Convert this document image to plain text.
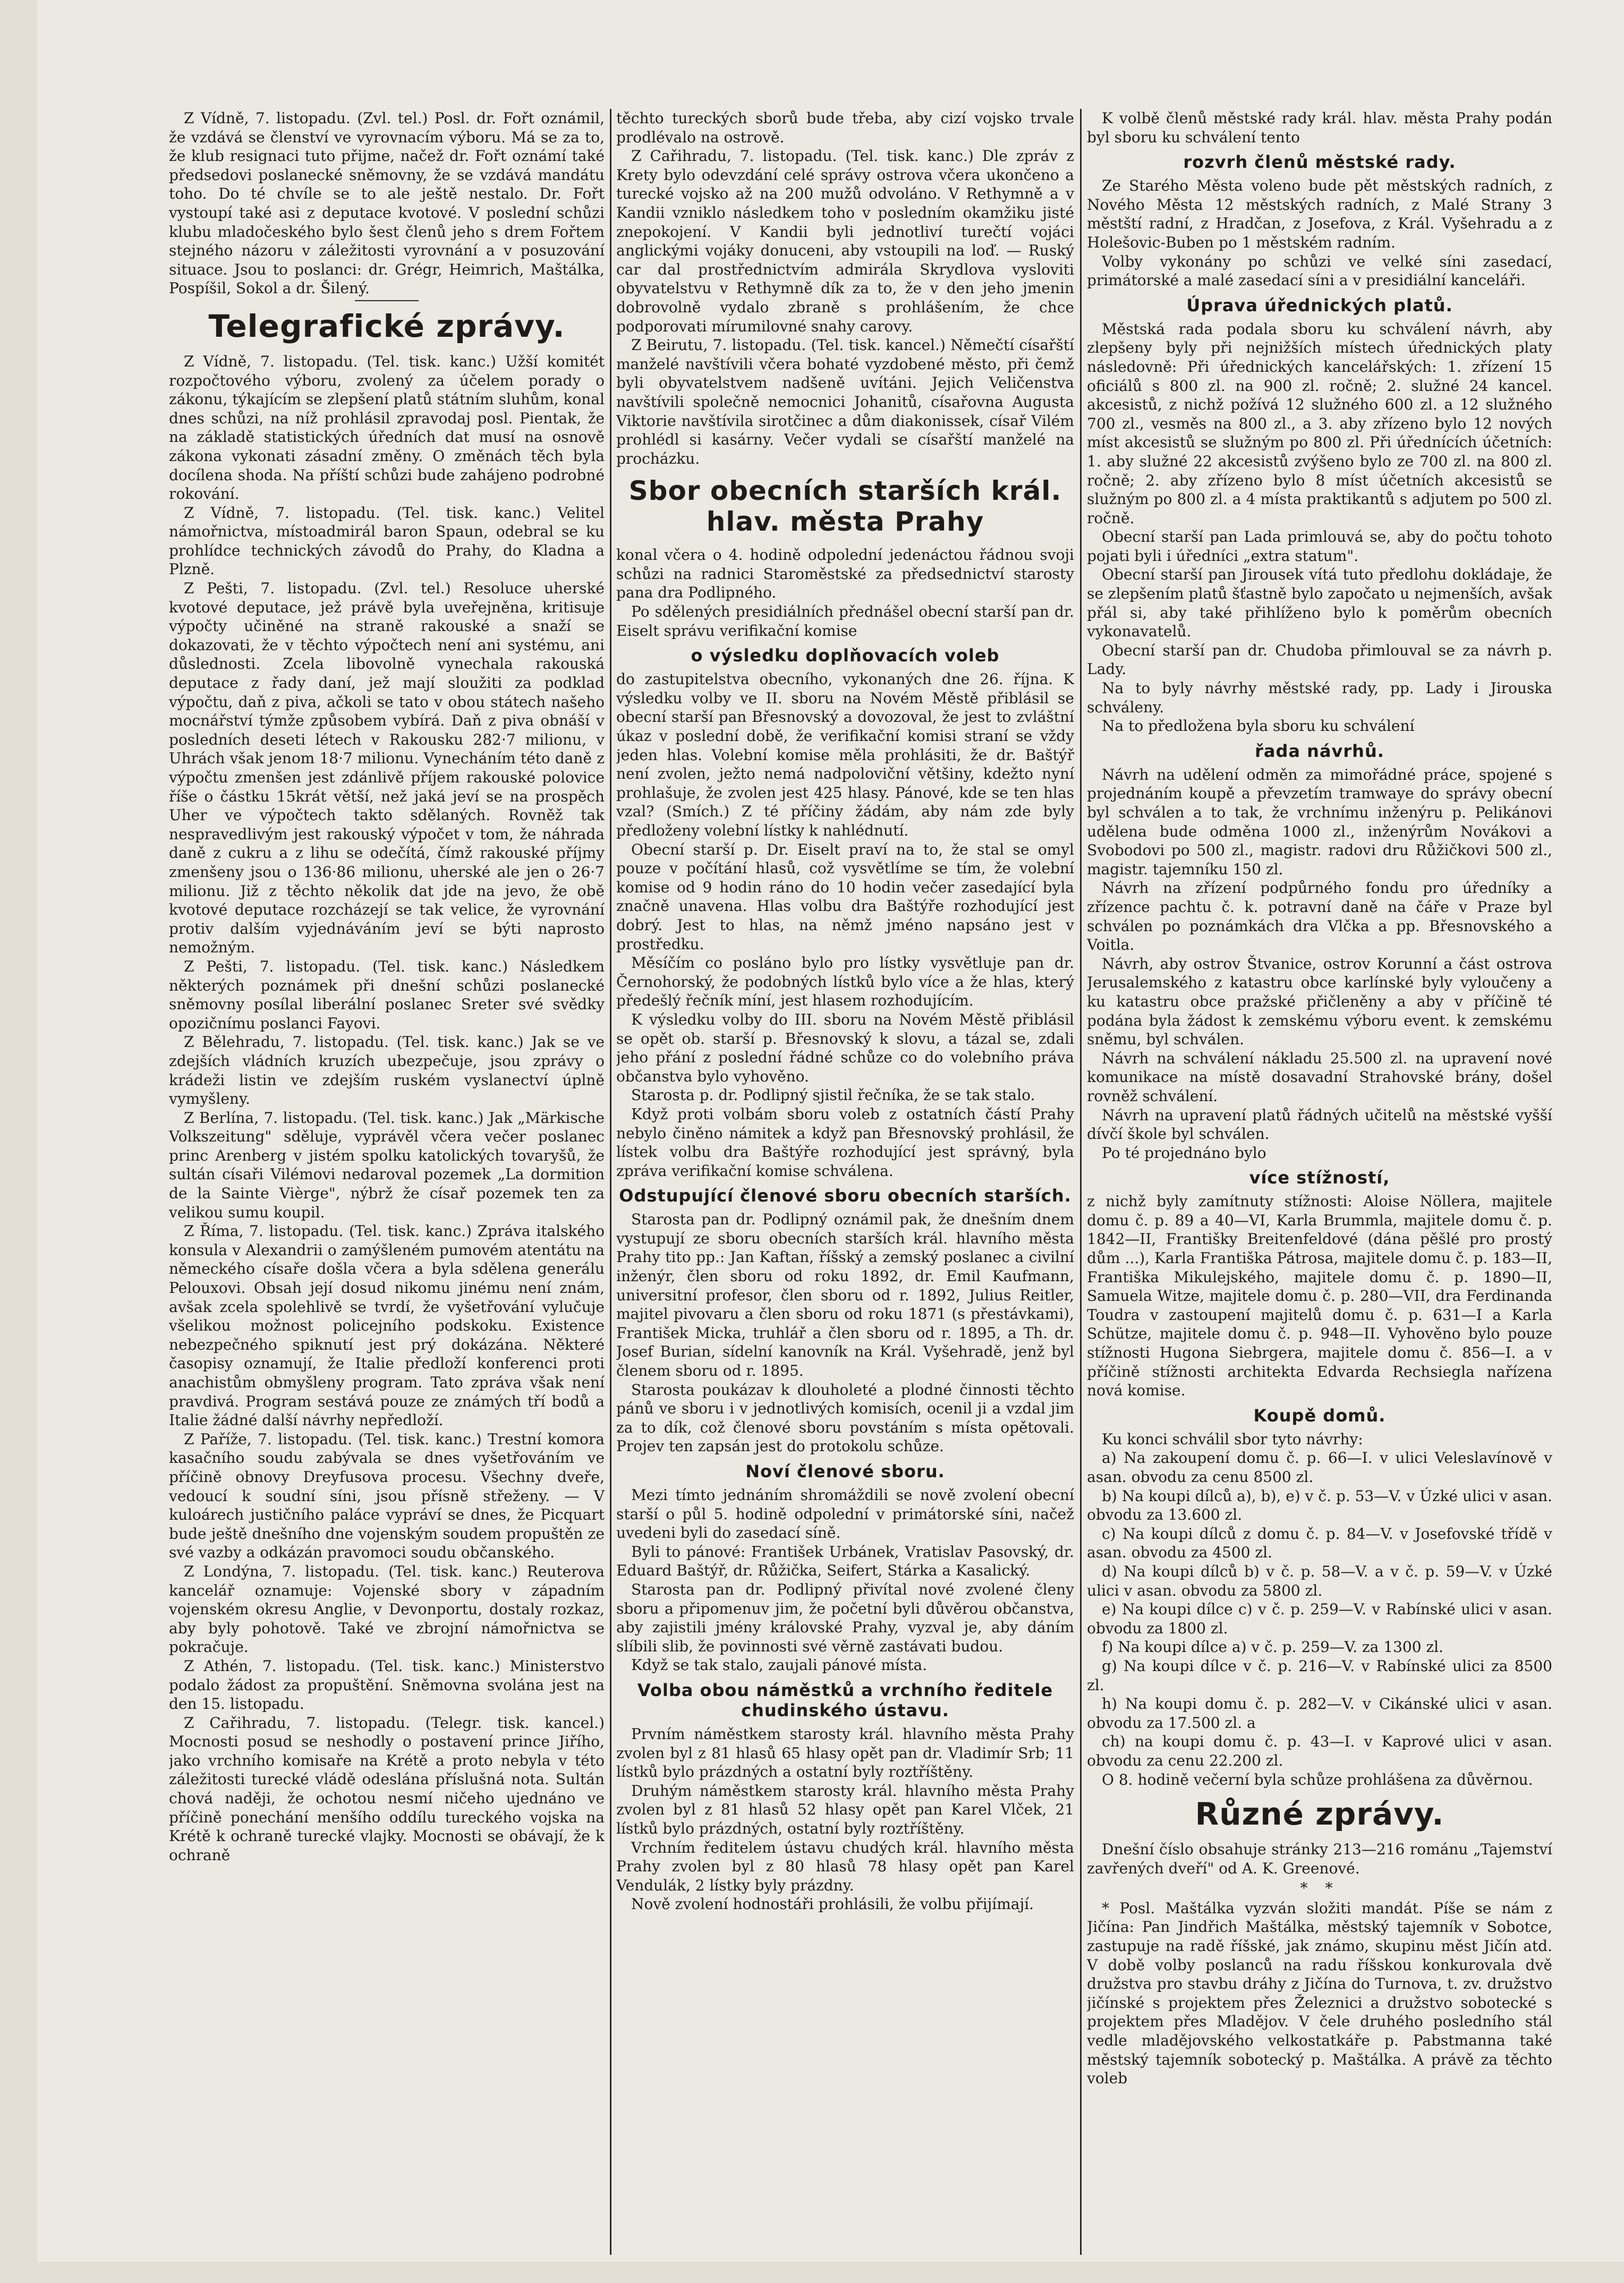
Z Vídně, 7. listopadu. (Zvl. tel.) Posl. dr. Fořt oznámil, že vzdává se členství ve vyrovnacím výboru. Má se za to, že klub resignaci tuto přijme, načež dr. Fořt oznámí také předsedovi poslanecké sněmovny, že se vzdává mandátu toho. Do té chvíle se to ale ještě nestalo. Dr. Fořt vystoupí také asi z deputace kvotové. V poslední schůzi klubu mladočeského bylo šest členů jeho s drem Fořtem stejného názoru v záležitosti vyrovnání a v posuzování situace. Jsou to poslanci: dr. Grégr, Heimrich, Maštálka, Pospíšil, Sokol a dr. Šilený.

Telegrafické zprávy.

Z Vídně, 7. listopadu. (Tel. tisk. kanc.) Užší komitét rozpočtového výboru, zvolený za účelem porady o zákonu, týkajícím se zlepšení platů státním sluhům, konal dnes schůzi, na níž prohlásil zpravodaj posl. Pientak, že na základě statistických úředních dat musí na osnově zákona vykonati zásadní změny. O změnách těch byla docílena shoda. Na příští schůzi bude zahájeno podrobné rokování.

Z Vídně, 7. listopadu. (Tel. tisk. kanc.) Velitel námořnictva, místoadmirál baron Spaun, odebral se ku prohlídce technických závodů do Prahy, do Kladna a Plzně.

Z Pešti, 7. listopadu. (Zvl. tel.) Resoluce uherské kvotové deputace, jež právě byla uveřejněna, kritisuje výpočty učiněné na straně rakouské a snaží se dokazovati, že v těchto výpočtech není ani systému, ani důslednosti. Zcela libovolně vynechala rakouská deputace z řady daní, jež mají sloužiti za podklad výpočtu, daň z piva, ačkoli se tato v obou státech našeho mocnářství týmže způsobem vybírá. Daň z piva obnáší v posledních deseti létech v Rakousku 282·7 milionu, v Uhrách však jenom 18·7 milionu. Vynecháním této daně z výpočtu zmenšen jest zdánlivě příjem rakouské polovice říše o částku 15krát větší, než jaká jeví se na prospěch Uher ve výpočtech takto sdělaných. Rovněž tak nespravedlivým jest rakouský výpočet v tom, že náhrada daně z cukru a z lihu se odečítá, čímž rakouské příjmy zmenšeny jsou o 136·86 milionu, uherské ale jen o 26·7 milionu. Již z těchto několik dat jde na jevo, že obě kvotové deputace rozcházejí se tak velice, že vyrovnání protiv dalším vyjednáváním jeví se býti naprosto nemožným.

Z Pešti, 7. listopadu. (Tel. tisk. kanc.) Následkem některých poznámek při dnešní schůzi poslanecké sněmovny posílal liberální poslanec Sreter své svědky opozičnímu poslanci Fayovi.

Z Bělehradu, 7. listopadu. (Tel. tisk. kanc.) Jak se ve zdejších vládních kruzích ubezpečuje, jsou zprávy o krádeži listin ve zdejším ruském vyslanectví úplně vymyšleny.

Z Berlína, 7. listopadu. (Tel. tisk. kanc.) Jak „Märkische Volkszeitung" sděluje, vyprávěl včera večer poslanec princ Arenberg v jistém spolku katolických tovaryšů, že sultán císaři Vilémovi nedaroval pozemek „La dormition de la Sainte Vièrge", nýbrž že císař pozemek ten za velikou sumu koupil.

Z Říma, 7. listopadu. (Tel. tisk. kanc.) Zpráva italského konsula v Alexandrii o zamýšleném pumovém atentátu na německého císaře došla včera a byla sdělena generálu Pelouxovi. Obsah její dosud nikomu jinému není znám, avšak zcela spolehlivě se tvrdí, že vyšetřování vylučuje všelikou možnost policejního podskoku. Existence nebezpečného spiknutí jest prý dokázána. Některé časopisy oznamují, že Italie předloží konferenci proti anachistům obmyšleny program. Tato zpráva však není pravdivá. Program sestává pouze ze známých tří bodů a Italie žádné další návrhy nepředloží.

Z Paříže, 7. listopadu. (Tel. tisk. kanc.) Trestní komora kasačního soudu zabývala se dnes vyšetřováním ve příčině obnovy Dreyfusova procesu. Všechny dveře, vedoucí k soudní síni, jsou přísně střeženy. — V kuloárech justičního paláce vypráví se dnes, že Picquart bude ještě dnešního dne vojenským soudem propuštěn ze své vazby a odkázán pravomoci soudu občanského.

Z Londýna, 7. listopadu. (Tel. tisk. kanc.) Reuterova kancelář oznamuje: Vojenské sbory v západním vojenském okresu Anglie, v Devonportu, dostaly rozkaz, aby byly pohotově. Také ve zbrojní námořnictva se pokračuje.

Z Athén, 7. listopadu. (Tel. tisk. kanc.) Ministerstvo podalo žádost za propuštění. Sněmovna svolána jest na den 15. listopadu.

Z Cařihradu, 7. listopadu. (Telegr. tisk. kancel.) Mocnosti posud se neshodly o postavení prince Jiřího, jako vrchního komisaře na Krétě a proto nebyla v této záležitosti turecké vládě odeslána příslušná nota. Sultán chová naději, že ochotou nesmí ničeho ujednáno ve příčině ponechání menšího oddílu tureckého vojska na Krétě k ochraně turecké vlajky. Mocnosti se obávají, že k ochraně

těchto tureckých sborů bude třeba, aby cizí vojsko trvale prodlévalo na ostrově.

Z Cařihradu, 7. listopadu. (Tel. tisk. kanc.) Dle zpráv z Krety bylo odevzdání celé správy ostrova včera ukončeno a turecké vojsko až na 200 mužů odvoláno. V Rethymně a v Kandii vzniklo následkem toho v posledním okamžiku jisté znepokojení. V Kandii byli jednotliví turečtí vojáci anglickými vojáky donuceni, aby vstoupili na loď. — Ruský car dal prostřednictvím admirála Skrydlova vysloviti obyvatelstvu v Rethymně dík za to, že v den jeho jmenin dobrovolně vydalo zbraně s prohlášením, že chce podporovati mírumilovné snahy carovy.

Z Beirutu, 7. listopadu. (Tel. tisk. kancel.) Němečtí císařští manželé navštívili včera bohaté vyzdobené město, při čemž byli obyvatelstvem nadšeně uvítáni. Jejich Veličenstva navštívili společně nemocnici Johanitů, císařovna Augusta Viktorie navštívila sirotčinec a dům diakonissek, císař Vilém prohlédl si kasárny. Večer vydali se císařští manželé na procházku.

Sbor obecních starších král. hlav. města Prahy

konal včera o 4. hodině odpolední jedenáctou řádnou svoji schůzi na radnici Staroměstské za předsednictví starosty pana dra Podlipného.

Po sdělených presidiálních přednášel obecní starší pan dr. Eiselt správu verifikační komise

o výsledku doplňovacích voleb

do zastupitelstva obecního, vykonaných dne 26. října. K výsledku volby ve II. sboru na Novém Městě přiblásil se obecní starší pan Břesnovský a dovozoval, že jest to zvláštní úkaz v poslední době, že verifikační komisi straní se vždy jeden hlas. Volební komise měla prohlásiti, že dr. Baštýř není zvolen, ježto nemá nadpoloviční většiny, kdežto nyní prohlašuje, že zvolen jest 425 hlasy. Pánové, kde se ten hlas vzal? (Smích.) Z té příčiny žádám, aby nám zde byly předloženy volební lístky k nahlédnutí.

Obecní starší p. Dr. Eiselt praví na to, že stal se omyl pouze v počítání hlasů, což vysvětlíme se tím, že volební komise od 9 hodin ráno do 10 hodin večer zasedající byla značně unavena. Hlas volbu dra Baštýře rozhodující jest dobrý. Jest to hlas, na němž jméno napsáno jest v prostředku.

Měsíčím co posláno bylo pro lístky vysvětluje pan dr. Černohorský, že podobných lístků bylo více a že hlas, který předešlý řečník míní, jest hlasem rozhodujícím.

K výsledku volby do III. sboru na Novém Městě přiblásil se opět ob. starší p. Břesnovský k slovu, a tázal se, zdali jeho přání z poslední řádné schůze co do volebního práva občanstva bylo vyhověno.

Starosta p. dr. Podlipný sjistil řečníka, že se tak stalo.

Když proti volbám sboru voleb z ostatních částí Prahy nebylo činěno námitek a když pan Břesnovský prohlásil, že lístek volbu dra Baštýře rozhodující jest správný, byla zpráva verifikační komise schválena.

Odstupující členové sboru obecních starších.

Starosta pan dr. Podlipný oznámil pak, že dnešním dnem vystupují ze sboru obecních starších král. hlavního města Prahy tito pp.: Jan Kaftan, říšský a zemský poslanec a civilní inženýr, člen sboru od roku 1892, dr. Emil Kaufmann, universitní profesor, člen sboru od r. 1892, Julius Reitler, majitel pivovaru a člen sboru od roku 1871 (s přestávkami), František Micka, truhlář a člen sboru od r. 1895, a Th. dr. Josef Burian, sídelní kanovník na Král. Vyšehradě, jenž byl členem sboru od r. 1895.

Starosta poukázav k dlouholeté a plodné činnosti těchto pánů ve sboru i v jednotlivých komisích, ocenil ji a vzdal jim za to dík, což členové sboru povstáním s místa opětovali. Projev ten zapsán jest do protokolu schůze.

Noví členové sboru.

Mezi tímto jednáním shromáždili se nově zvolení obecní starší o půl 5. hodině odpolední v primátorské síni, načež uvedeni byli do zasedací síně.

Byli to pánové: František Urbánek, Vratislav Pasovský, dr. Eduard Baštýř, dr. Růžička, Seifert, Stárka a Kasalický.

Starosta pan dr. Podlipný přivítal nové zvolené členy sboru a připomenuv jim, že početní byli důvěrou občanstva, aby zajistili jmény královské Prahy, vyzval je, aby dáním slíbili slib, že povinnosti své věrně zastávati budou.

Když se tak stalo, zaujali pánové místa.

Volba obou náměstků a vrchního ředitele chudinského ústavu.

Prvním náměstkem starosty král. hlavního města Prahy zvolen byl z 81 hlasů 65 hlasy opět pan dr. Vladimír Srb; 11 lístků bylo prázdných a ostatní byly roztříštěny.

Druhým náměstkem starosty král. hlavního města Prahy zvolen byl z 81 hlasů 52 hlasy opět pan Karel Vlček, 21 lístků bylo prázdných, ostatní byly roztříštěny.

Vrchním ředitelem ústavu chudých král. hlavního města Prahy zvolen byl z 80 hlasů 78 hlasy opět pan Karel Vendulák, 2 lístky byly prázdny.

Nově zvolení hodnostáři prohlásili, že volbu přijímají.

K volbě členů městské rady král. hlav. města Prahy podán byl sboru ku schválení tento

rozvrh členů městské rady.

Ze Starého Města voleno bude pět městských radních, z Nového Města 12 městských radních, z Malé Strany 3 městští radní, z Hradčan, z Josefova, z Král. Vyšehradu a z Holešovic-Buben po 1 městském radním.

Volby vykonány po schůzi ve velké síni zasedací, primátorské a malé zasedací síni a v presidiální kanceláři.

Úprava úřednických platů.

Městská rada podala sboru ku schválení návrh, aby zlepšeny byly při nejnižších místech úřednických platy následovně: Při úřednických kancelářských: 1. zřízení 15 oficiálů s 800 zl. na 900 zl. ročně; 2. služné 24 kancel. akcesistů, z nichž požívá 12 služného 600 zl. a 12 služného 700 zl., vesměs na 800 zl., a 3. aby zřízeno bylo 12 nových míst akcesistů se služným po 800 zl. Při úřednících účetních: 1. aby služné 22 akcesistů zvýšeno bylo ze 700 zl. na 800 zl. ročně; 2. aby zřízeno bylo 8 míst účetních akcesistů se služným po 800 zl. a 4 místa praktikantů s adjutem po 500 zl. ročně.

Obecní starší pan Lada primlouvá se, aby do počtu tohoto pojati byli i úředníci „extra statum".

Obecní starší pan Jirousek vítá tuto předlohu dokládaje, že se zlepšením platů šťastně bylo započato u nejmenších, avšak přál si, aby také přihlíženo bylo k poměrům obecních vykonavatelů.

Obecní starší pan dr. Chudoba přimlouval se za návrh p. Lady.

Na to byly návrhy městské rady, pp. Lady i Jirouska schváleny.

Na to předložena byla sboru ku schválení

řada návrhů.

Návrh na udělení odměn za mimořádné práce, spojené s projednáním koupě a převzetím tramwaye do správy obecní byl schválen a to tak, že vrchnímu inženýru p. Pelikánovi udělena bude odměna 1000 zl., inženýrům Novákovi a Svobodovi po 500 zl., magistr. radovi dru Růžičkovi 500 zl., magistr. tajemníku 150 zl.

Návrh na zřízení podpůrného fondu pro úředníky a zřízence pachtu č. k. potravní daně na čáře v Praze byl schválen po poznámkách dra Vlčka a pp. Břesnovského a Voitla.

Návrh, aby ostrov Štvanice, ostrov Korunní a část ostrova Jerusalemského z katastru obce karlínské byly vyloučeny a ku katastru obce pražské přičleněny a aby v příčině té podána byla žádost k zemskému výboru event. k zemskému sněmu, byl schválen.

Návrh na schválení nákladu 25.500 zl. na upravení nové komunikace na místě dosavadní Strahovské brány, došel rovněž schválení.

Návrh na upravení platů řádných učitelů na městské vyšší dívčí škole byl schválen.

Po té projednáno bylo

více stížností,

z nichž byly zamítnuty stížnosti: Aloise Nöllera, majitele domu č. p. 89 a 40—VI, Karla Brummla, majitele domu č. p. 1842—II, Františky Breitenfeldové (dána pěšlé pro prostý dům ...), Karla Františka Pátrosa, majitele domu č. p. 183—II, Františka Mikulejského, majitele domu č. p. 1890—II, Samuela Witze, majitele domu č. p. 280—VII, dra Ferdinanda Toudra v zastoupení majitelů domu č. p. 631—I a Karla Schütze, majitele domu č. p. 948—II. Vyhověno bylo pouze stížnosti Hugona Siebrgera, majitele domu č. 856—I. a v příčině stížnosti architekta Edvarda Rechsiegla nařízena nová komise.

Koupě domů.

Ku konci schválil sbor tyto návrhy:

a) Na zakoupení domu č. p. 66—I. v ulici Veleslavínově v asan. obvodu za cenu 8500 zl.

b) Na koupi dílců a), b), e) v č. p. 53—V. v Úzké ulici v asan. obvodu za 13.600 zl.

c) Na koupi dílců z domu č. p. 84—V. v Josefovské třídě v asan. obvodu za 4500 zl.

d) Na koupi dílců b) v č. p. 58—V. a v č. p. 59—V. v Úzké ulici v asan. obvodu za 5800 zl.

e) Na koupi dílce c) v č. p. 259—V. v Rabínské ulici v asan. obvodu za 1800 zl.

f) Na koupi dílce a) v č. p. 259—V. za 1300 zl.

g) Na koupi dílce v č. p. 216—V. v Rabínské ulici za 8500 zl.

h) Na koupi domu č. p. 282—V. v Cikánské ulici v asan. obvodu za 17.500 zl. a

ch) na koupi domu č. p. 43—I. v Kaprové ulici v asan. obvodu za cenu 22.200 zl.

O 8. hodině večerní byla schůze prohlášena za důvěrnou.

Různé zprávy.

Dnešní číslo obsahuje stránky 213—216 románu „Tajemství zavřených dveří" od A. K. Greenové.

* *

* Posl. Maštálka vyzván složiti mandát. Píše se nám z Jičína: Pan Jindřich Maštálka, městský tajemník v Sobotce, zastupuje na radě říšské, jak známo, skupinu měst Jičín atd. V době volby poslanců na radu říšskou konkurovala dvě družstva pro stavbu dráhy z Jičína do Turnova, t. zv. družstvo jičínské s projektem přes Železnici a družstvo sobotecké s projektem přes Mladějov. V čele druhého posledního stál vedle mladějovského velkostatkáře p. Pabstmanna také městský tajemník sobotecký p. Maštálka. A právě za těchto voleb
